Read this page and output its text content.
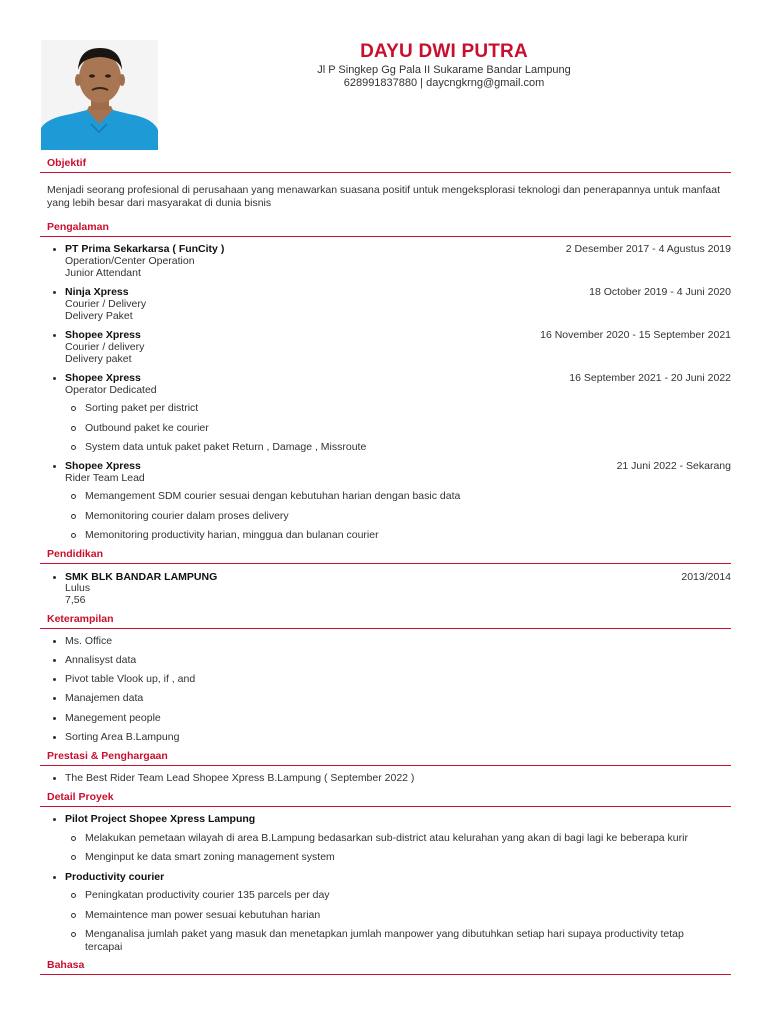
DAYU DWI PUTRA
Jl P Singkep Gg Pala II Sukarame Bandar Lampung
628991837880 | daycngkrng@gmail.com
Objektif
Menjadi seorang profesional di perusahaan yang menawarkan suasana positif untuk mengeksplorasi teknologi dan penerapannya untuk manfaat yang lebih besar dari masyarakat di dunia bisnis
Pengalaman
PT Prima Sekarkarsa ( FunCity )	2 Desember 2017 - 4 Agustus 2019
Operation/Center Operation
Junior Attendant
Ninja Xpress	18 October 2019 - 4 Juni 2020
Courier / Delivery
Delivery Paket
Shopee Xpress	16 November 2020 - 15 September 2021
Courier / delivery
Delivery paket
Shopee Xpress	16 September 2021 - 20 Juni 2022
Operator Dedicated
Sorting paket per district
Outbound paket ke courier
System data untuk paket paket Return , Damage , Missroute
Shopee Xpress	21 Juni 2022 - Sekarang
Rider Team Lead
Memangement SDM courier sesuai dengan kebutuhan harian dengan basic data
Memonitoring courier dalam proses delivery
Memonitoring productivity harian, minggua dan bulanan courier
Pendidikan
SMK BLK BANDAR LAMPUNG	2013/2014
Lulus
7,56
Keterampilan
Ms. Office
Annalisyst data
Pivot table Vlook up, if , and
Manajemen data
Manegement people
Sorting Area B.Lampung
Prestasi & Penghargaan
The Best Rider Team Lead Shopee Xpress B.Lampung ( September 2022 )
Detail Proyek
Pilot Project Shopee Xpress Lampung
Melakukan pemetaan wilayah di area B.Lampung bedasarkan sub-district atau kelurahan yang akan di bagi lagi ke beberapa kurir
Menginput ke data smart zoning management system
Productivity courier
Peningkatan productivity courier 135 parcels per day
Memaintence man power sesuai kebutuhan harian
Menganalisa jumlah paket yang masuk dan menetapkan jumlah manpower yang dibutuhkan setiap hari supaya productivity tetap tercapai
Bahasa
